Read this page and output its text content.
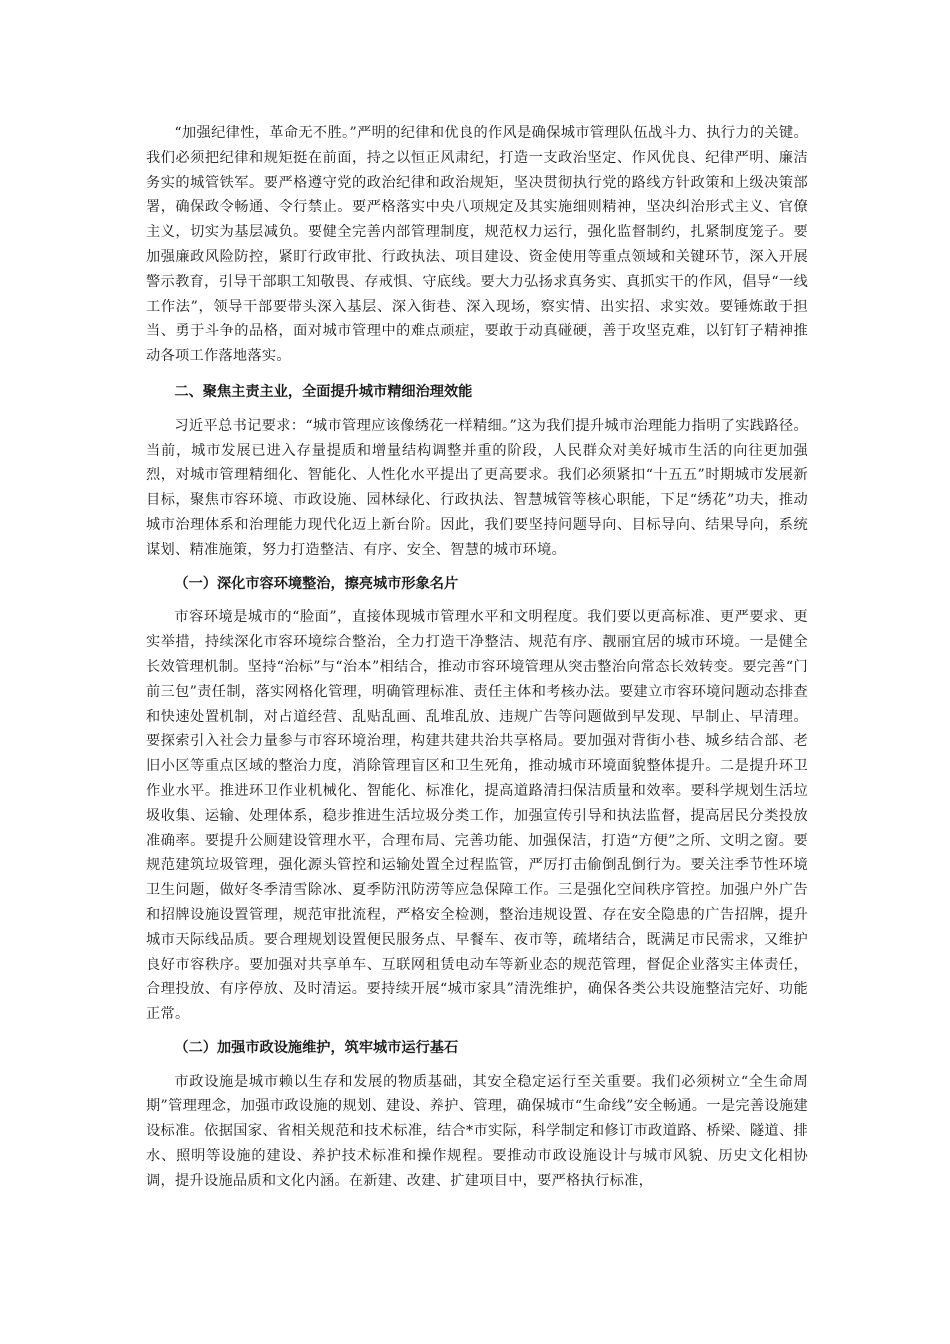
“加强纪律性，革命无不胜。”严明的纪律和优良的作风是确保城市管理队伍战斗力、执行力的关键。我们必须把纪律和规矩挺在前面，持之以恒正风肃纪，打造一支政治坚定、作风优良、纪律严明、廉洁务实的城管铁军。要严格遵守党的政治纪律和政治规矩，坚决贯彻执行党的路线方针政策和上级决策部署，确保政令畅通、令行禁止。要严格落实中央八项规定及其实施细则精神，坚决纠治形式主义、官僚主义，切实为基层减负。要健全完善内部管理制度，规范权力运行，强化监督制约，扎紧制度笼子。要加强廉政风险防控，紧盯行政审批、行政执法、项目建设、资金使用等重点领域和关键环节，深入开展警示教育，引导干部职工知敬畏、存戒惧、守底线。要大力弘扬求真务实、真抓实干的作风，倡导“一线工作法”，领导干部要带头深入基层、深入街巷、深入现场，察实情、出实招、求实效。要锤炼敢于担当、勇于斗争的品格，面对城市管理中的难点顽症，要敢于动真碰硬，善于攻坚克难，以钉钉子精神推动各项工作落地落实。

二、聚焦主责主业，全面提升城市精细治理效能

习近平总书记要求：“城市管理应该像绣花一样精细。”这为我们提升城市治理能力指明了实践路径。当前，城市发展已进入存量提质和增量结构调整并重的阶段，人民群众对美好城市生活的向往更加强烈，对城市管理精细化、智能化、人性化水平提出了更高要求。我们必须紧扣“十五五”时期城市发展新目标，聚焦市容环境、市政设施、园林绿化、行政执法、智慧城管等核心职能，下足“绣花”功夫，推动城市治理体系和治理能力现代化迈上新台阶。因此，我们要坚持问题导向、目标导向、结果导向，系统谋划、精准施策，努力打造整洁、有序、安全、智慧的城市环境。

（一）深化市容环境整治，擦亮城市形象名片

市容环境是城市的“脸面”，直接体现城市管理水平和文明程度。我们要以更高标准、更严要求、更实举措，持续深化市容环境综合整治，全力打造干净整洁、规范有序、靓丽宜居的城市环境。一是健全长效管理机制。坚持“治标”与“治本”相结合，推动市容环境管理从突击整治向常态长效转变。要完善“门前三包”责任制，落实网格化管理，明确管理标准、责任主体和考核办法。要建立市容环境问题动态排查和快速处置机制，对占道经营、乱贴乱画、乱堆乱放、违规广告等问题做到早发现、早制止、早清理。要探索引入社会力量参与市容环境治理，构建共建共治共享格局。要加强对背街小巷、城乡结合部、老旧小区等重点区域的整治力度，消除管理盲区和卫生死角，推动城市环境面貌整体提升。二是提升环卫作业水平。推进环卫作业机械化、智能化、标准化，提高道路清扫保洁质量和效率。要科学规划生活垃圾收集、运输、处理体系，稳步推进生活垃圾分类工作，加强宣传引导和执法监督，提高居民分类投放准确率。要提升公厕建设管理水平，合理布局、完善功能、加强保洁，打造“方便”之所、文明之窗。要规范建筑垃圾管理，强化源头管控和运输处置全过程监管，严厉打击偷倒乱倒行为。要关注季节性环境卫生问题，做好冬季清雪除冰、夏季防汛防涝等应急保障工作。三是强化空间秩序管控。加强户外广告和招牌设施设置管理，规范审批流程，严格安全检测，整治违规设置、存在安全隐患的广告招牌，提升城市天际线品质。要合理规划设置便民服务点、早餐车、夜市等，疏堵结合，既满足市民需求，又维护良好市容秩序。要加强对共享单车、互联网租赁电动车等新业态的规范管理，督促企业落实主体责任，合理投放、有序停放、及时清运。要持续开展“城市家具”清洗维护，确保各类公共设施整洁完好、功能正常。

（二）加强市政设施维护，筑牢城市运行基石

市政设施是城市赖以生存和发展的物质基础，其安全稳定运行至关重要。我们必须树立“全生命周期”管理理念，加强市政设施的规划、建设、养护、管理，确保城市“生命线”安全畅通。一是完善设施建设标准。依据国家、省相关规范和技术标准，结合*市实际，科学制定和修订市政道路、桥梁、隧道、排水、照明等设施的建设、养护技术标准和操作规程。要推动市政设施设计与城市风貌、历史文化相协调，提升设施品质和文化内涵。在新建、改建、扩建项目中，要严格执行标准，
